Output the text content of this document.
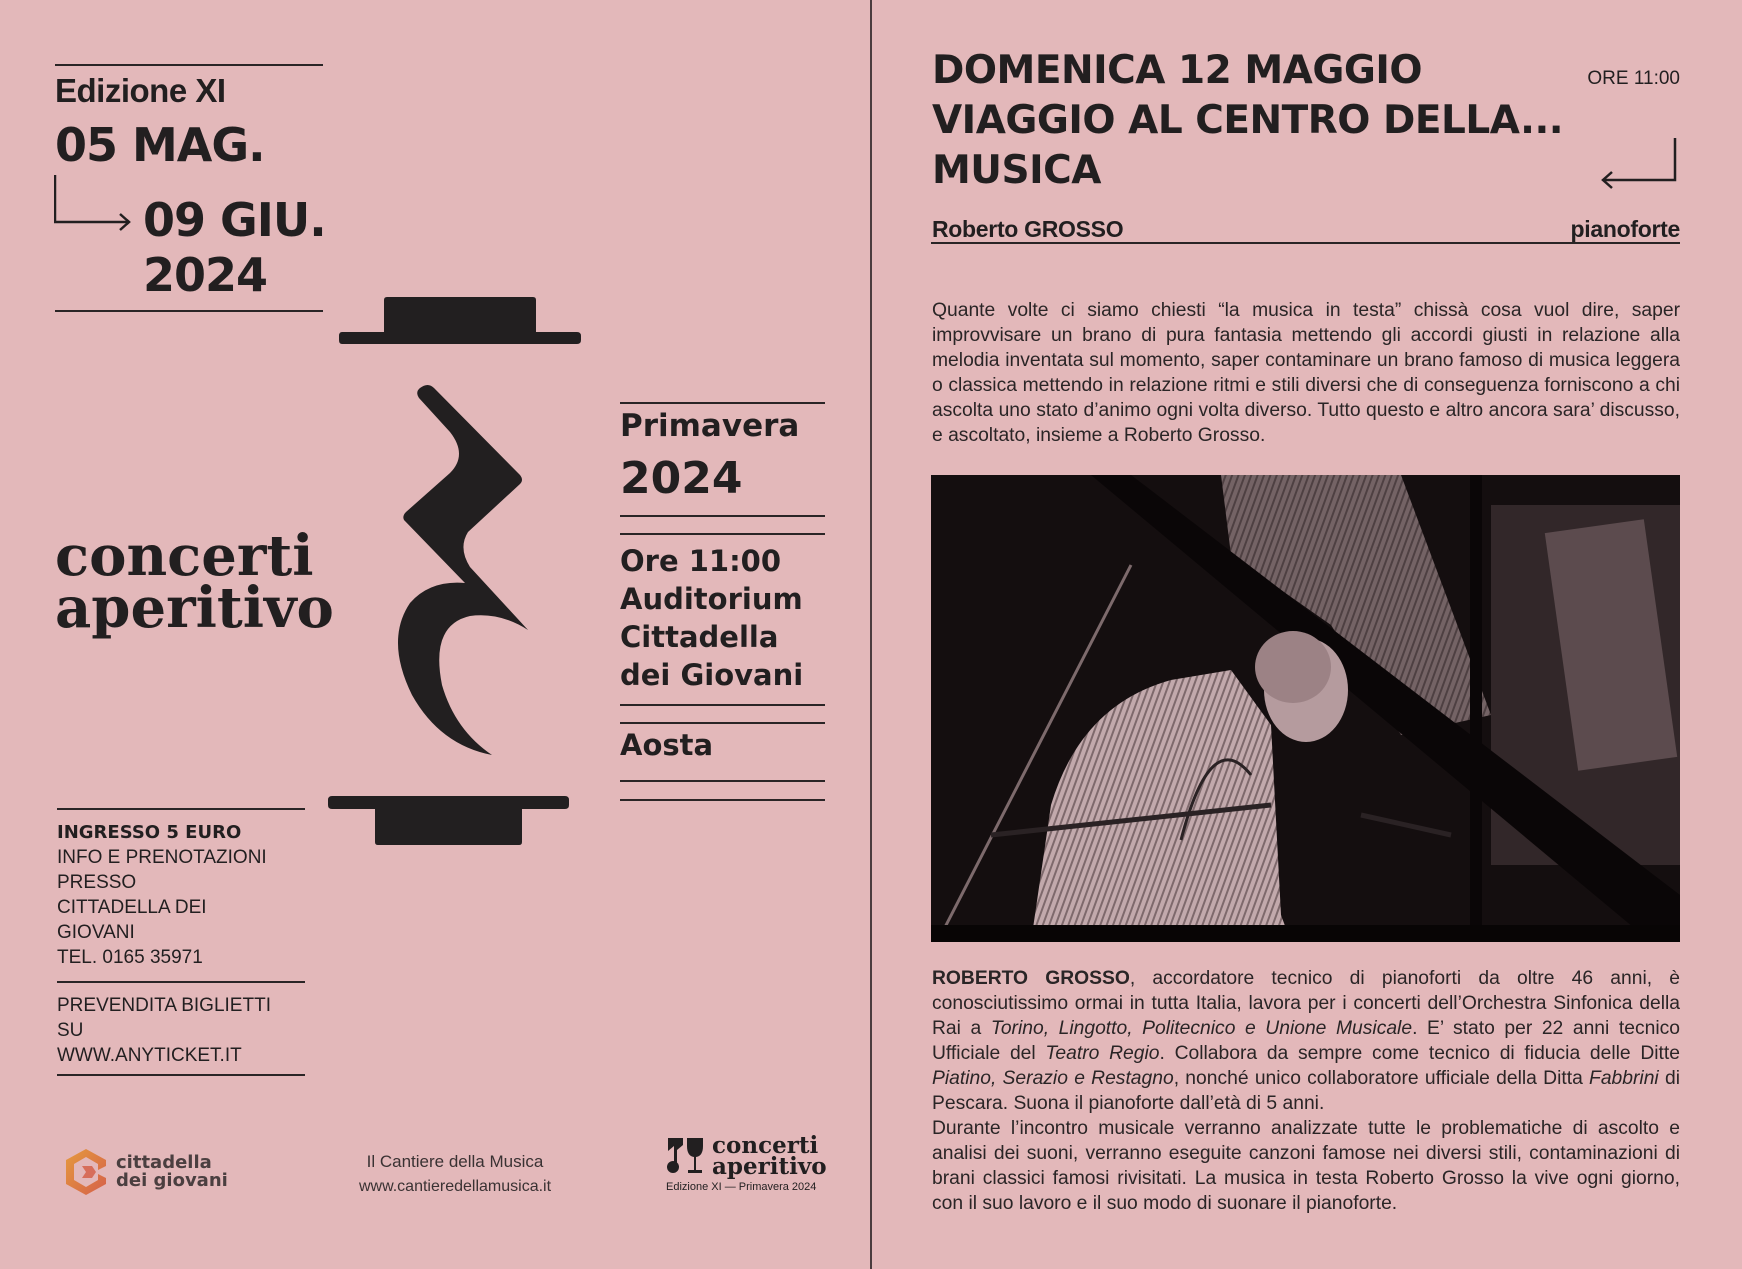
Edizione XI
05 MAG.
09 GIU.
2024
concerti
aperitivo
Primavera
2024
Ore 11:00
Auditorium
Cittadella
dei Giovani
Aosta
INGRESSO 5 EURO
INFO E PRENOTAZIONI
PRESSO
CITTADELLA DEI
GIOVANI
TEL. 0165 35971
PREVENDITA BIGLIETTI
SU
WWW.ANYTICKET.IT
cittadella
dei giovani
Il Cantiere della Musica
www.cantieredellamusica.it
concerti
aperitivo
Edizione XI — Primavera 2024
DOMENICA 12 MAGGIO
VIAGGIO AL CENTRO DELLA...
MUSICA
ORE 11:00
Roberto GROSSO	pianoforte

Quante volte ci siamo chiesti “la musica in testa” chissà cosa vuol dire, saper improvvisare un brano di pura fantasia mettendo gli accordi giusti in relazione alla melodia inventata sul momento, saper contaminare un brano famoso di musica leggera o classica mettendo in relazione ritmi e stili diversi che di conseguenza forniscono a chi ascolta uno stato d’animo ogni volta diverso. Tutto questo e altro ancora sara’ discusso, e ascoltato, insieme a Roberto Grosso.

ROBERTO GROSSO, accordatore tecnico di pianoforti da oltre 46 anni, è conosciutissimo ormai in tutta Italia, lavora per i concerti dell’Orchestra Sinfonica della Rai a Torino, Lingotto, Politecnico e Unione Musicale. E’ stato per 22 anni tecnico Ufficiale del Teatro Regio. Collabora da sempre come tecnico di fiducia delle Ditte Piatino, Serazio e Restagno, nonché unico collaboratore ufficiale della Ditta Fabbrini di Pescara. Suona il pianoforte dall’età di 5 anni.

Durante l’incontro musicale verranno analizzate tutte le problematiche di ascolto e analisi dei suoni, verranno eseguite canzoni famose nei diversi stili, contaminazioni di brani classici famosi rivisitati. La musica in testa Roberto Grosso la vive ogni giorno, con il suo lavoro e il suo modo di suonare il pianoforte.
